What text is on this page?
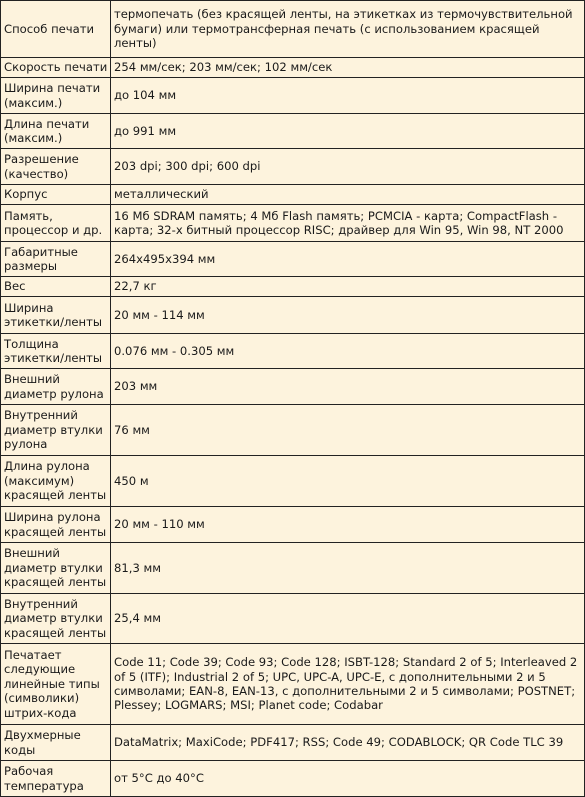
Способ печати	термопечать (без красящей ленты, на этикетках из термочувствительной бумаги) или термотрансферная печать (с использованием красящей ленты)
Скорость печати	254 мм/сек; 203 мм/сек; 102 мм/сек
Ширина печати (максим.)	до 104 мм
Длина печати (максим.)	до 991 мм
Разрешение (качество)	203 dpi; 300 dpi; 600 dpi
Корпус	металлический
Память, процессор и др.	16 Мб SDRAM память; 4 Мб Flash память; PCMCIA - карта; CompactFlash - карта; 32-х битный процессор RISC; драйвер для Win 95, Win 98, NT 2000
Габаритные размеры	264x495x394 мм
Вес	22,7 кг
Ширина этикетки/ленты	20 мм - 114 мм
Толщина этикетки/ленты	0.076 мм - 0.305 мм
Внешний диаметр рулона	203 мм
Внутренний диаметр втулки рулона	76 мм
Длина рулона (максимум) красящей ленты	450 м
Ширина рулона красящей ленты	20 мм - 110 мм
Внешний диаметр втулки красящей ленты	81,3 мм
Внутренний диаметр втулки красящей ленты	25,4 мм
Печатает следующие линейные типы (символики) штрих-кода	Code 11; Code 39; Code 93; Code 128; ISBT-128; Standard 2 of 5; Interleaved 2 of 5 (ITF); Industrial 2 of 5; UPC, UPC-A, UPC-E, с дополнительными 2 и 5 символами; EAN-8, EAN-13, с дополнительными 2 и 5 символами; POSTNET; Plessey; LOGMARS; MSI; Planet code; Codabar
Двухмерные коды	DataMatrix; MaxiCode; PDF417; RSS; Code 49; CODABLOCK; QR Code TLC 39
Рабочая температура	от 5°C до 40°C
